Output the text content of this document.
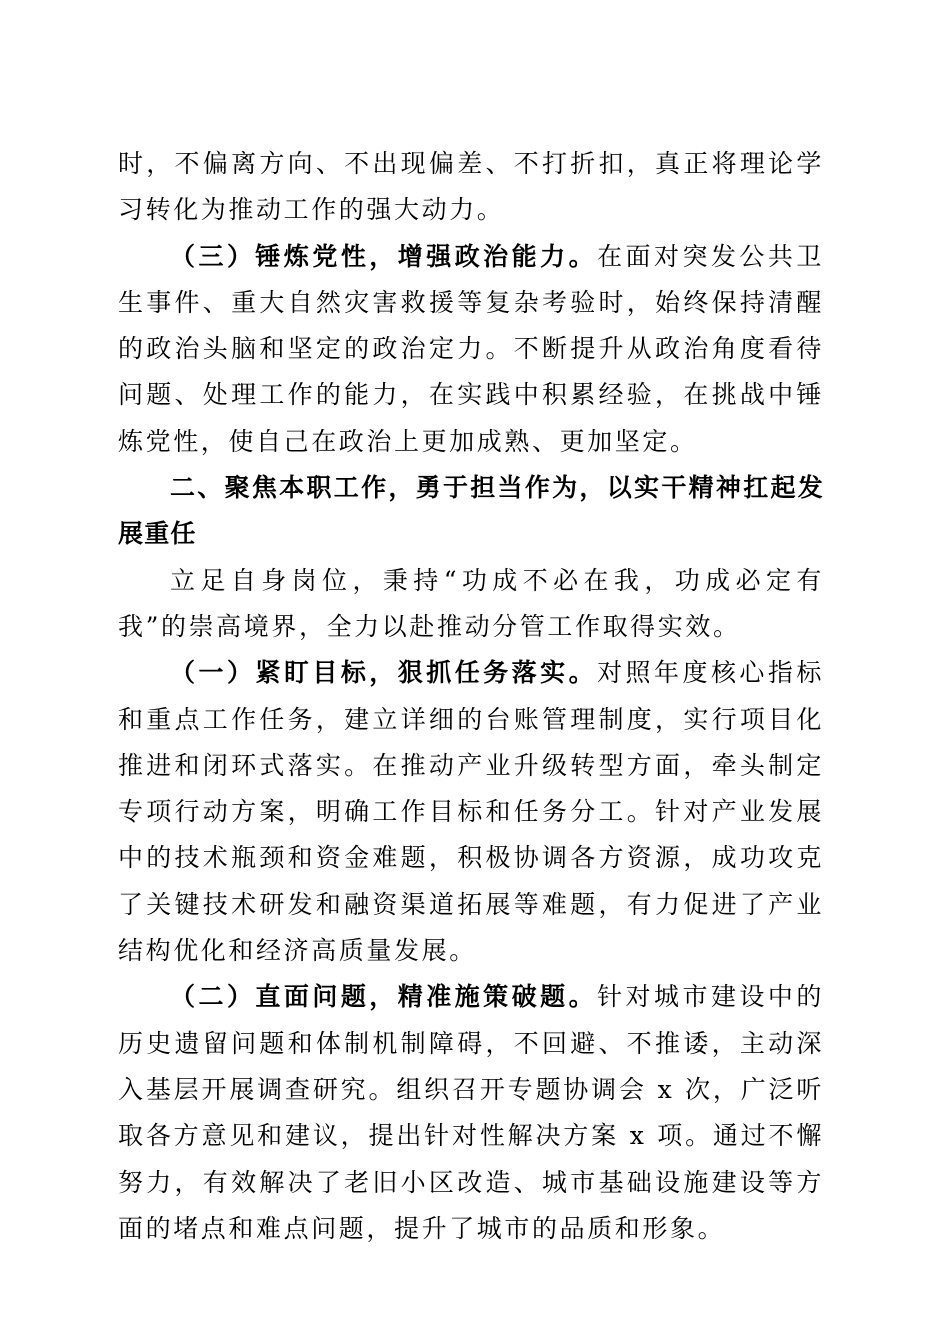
时，不偏离方向、不出现偏差、不打折扣，真正将理论学习转化为推动工作的强大动力。

（三）锤炼党性，增强政治能力。在面对突发公共卫生事件、重大自然灾害救援等复杂考验时，始终保持清醒的政治头脑和坚定的政治定力。不断提升从政治角度看待问题、处理工作的能力，在实践中积累经验，在挑战中锤炼党性，使自己在政治上更加成熟、更加坚定。

二、聚焦本职工作，勇于担当作为，以实干精神扛起发展重任

立足自身岗位，秉持“功成不必在我，功成必定有我”的崇高境界，全力以赴推动分管工作取得实效。

（一）紧盯目标，狠抓任务落实。对照年度核心指标和重点工作任务，建立详细的台账管理制度，实行项目化推进和闭环式落实。在推动产业升级转型方面，牵头制定专项行动方案，明确工作目标和任务分工。针对产业发展中的技术瓶颈和资金难题，积极协调各方资源，成功攻克了关键技术研发和融资渠道拓展等难题，有力促进了产业结构优化和经济高质量发展。

（二）直面问题，精准施策破题。针对城市建设中的历史遗留问题和体制机制障碍，不回避、不推诿，主动深入基层开展调查研究。组织召开专题协调会 x 次，广泛听取各方意见和建议，提出针对性解决方案 x 项。通过不懈努力，有效解决了老旧小区改造、城市基础设施建设等方面的堵点和难点问题，提升了城市的品质和形象。
